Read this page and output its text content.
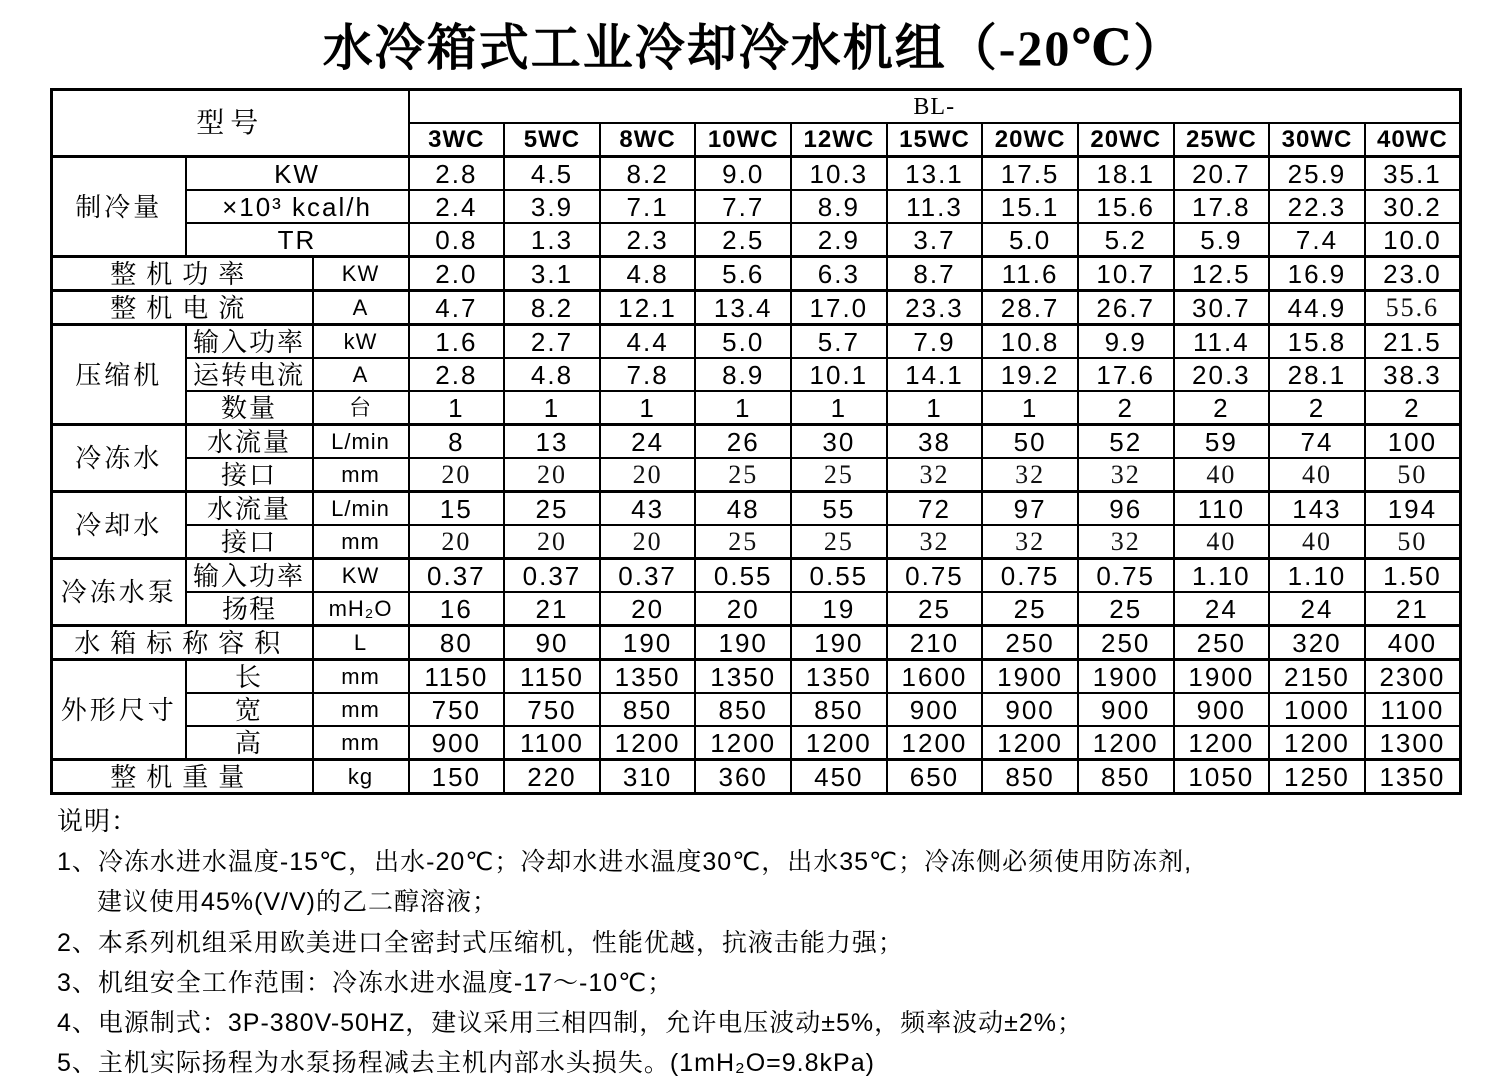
水冷箱式工业冷却冷水机组（-20℃）
型号			BL-										
			3WC	5WC	8WC	10WC	12WC	15WC	20WC	20WC	25WC	30WC	40WC
制冷量	KW		2.8	4.5	8.2	9.0	10.3	13.1	17.5	18.1	20.7	25.9	35.1
	×10³ kcal/h		2.4	3.9	7.1	7.7	8.9	11.3	15.1	15.6	17.8	22.3	30.2
	TR		0.8	1.3	2.3	2.5	2.9	3.7	5.0	5.2	5.9	7.4	10.0
整机功率		KW	2.0	3.1	4.8	5.6	6.3	8.7	11.6	10.7	12.5	16.9	23.0
整机电流		A	4.7	8.2	12.1	13.4	17.0	23.3	28.7	26.7	30.7	44.9	55.6
压缩机	输入功率	kW	1.6	2.7	4.4	5.0	5.7	7.9	10.8	9.9	11.4	15.8	21.5
	运转电流	A	2.8	4.8	7.8	8.9	10.1	14.1	19.2	17.6	20.3	28.1	38.3
	数量	台	1	1	1	1	1	1	1	2	2	2	2
冷冻水	水流量	L/min	8	13	24	26	30	38	50	52	59	74	100
	接口	mm	20	20	20	25	25	32	32	32	40	40	50
冷却水	水流量	L/min	15	25	43	48	55	72	97	96	110	143	194
	接口	mm	20	20	20	25	25	32	32	32	40	40	50
冷冻水泵	输入功率	KW	0.37	0.37	0.37	0.55	0.55	0.75	0.75	0.75	1.10	1.10	1.50
	扬程	mH₂O	16	21	20	20	19	25	25	25	24	24	21
水箱标称容积		L	80	90	190	190	190	210	250	250	250	320	400
外形尺寸	长	mm	1150	1150	1350	1350	1350	1600	1900	1900	1900	2150	2300
	宽	mm	750	750	850	850	850	900	900	900	900	1000	1100
	高	mm	900	1100	1200	1200	1200	1200	1200	1200	1200	1200	1300
整机重量		kg	150	220	310	360	450	650	850	850	1050	1250	1350
说明：
1、冷冻水进水温度-15℃，出水-20℃；冷却水进水温度30℃，出水35℃；冷冻侧必须使用防冻剂,
建议使用45%(V/V)的乙二醇溶液；
2、本系列机组采用欧美进口全密封式压缩机，性能优越，抗液击能力强；
3、机组安全工作范围：冷冻水进水温度-17～-10℃；
4、电源制式：3P-380V-50HZ，建议采用三相四制，允许电压波动±5%，频率波动±2%；
5、主机实际扬程为水泵扬程减去主机内部水头损失。(1mH₂O=9.8kPa)
